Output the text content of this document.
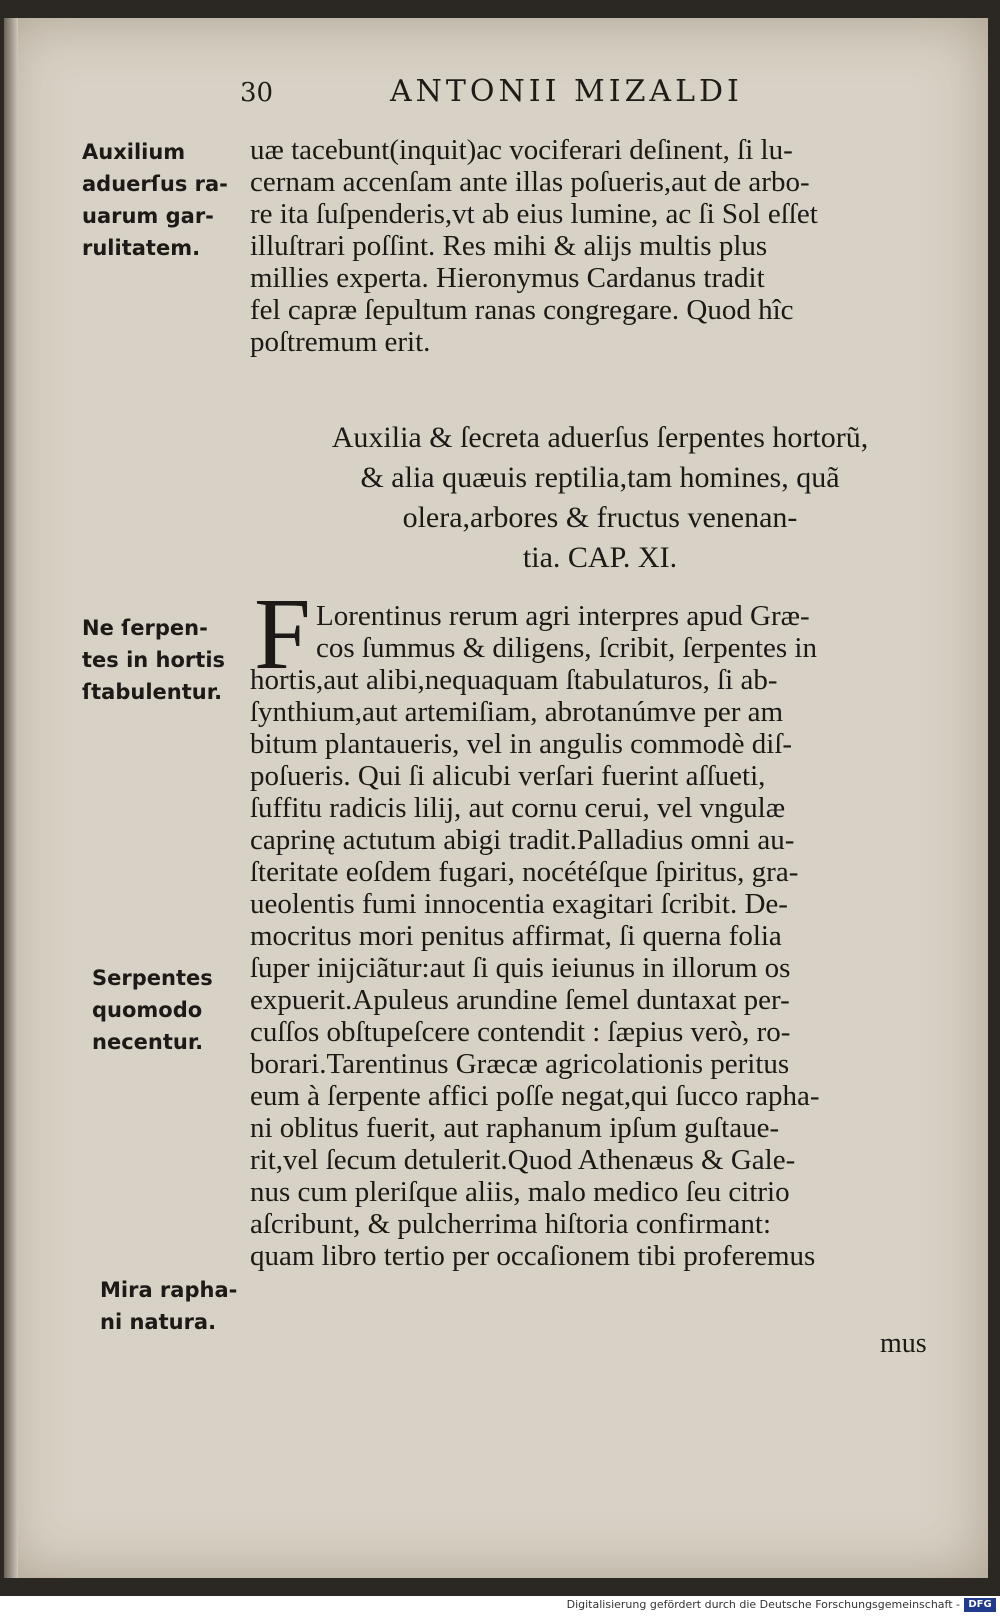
30	ANTONII MIZALDI
Auxilium
aduerſus ra-
uarum gar-
rulitatem.
Ne ſerpen-
tes in hortis
ſtabulentur.
Serpentes
quomodo
necentur.
Mira rapha-
ni natura.
uæ tacebunt(inquit)ac vociferari deſinent, ſi lu-
cernam accenſam ante illas poſueris,aut de arbo-
re ita ſuſpenderis,vt ab eius lumine, ac ſi Sol eſſet
illuſtrari poſſint. Res mihi & alijs multis plus
millies experta. Hieronymus Cardanus tradit
fel capræ ſepultum ranas congregare. Quod hîc
poſtremum erit.
Auxilia & ſecreta aduerſus ſerpentes hortorũ,
& alia quæuis reptilia,tam homines, quã
olera,arbores & fructus venenan-
tia. CAP. XI.
F Lorentinus rerum agri interpres apud Græ-
cos ſummus & diligens, ſcribit, ſerpentes in
hortis,aut alibi,nequaquam ſtabulaturos, ſi ab-
ſynthium,aut artemiſiam, abrotanúmve per am
bitum plantaueris, vel in angulis commodè diſ-
poſueris. Qui ſi alicubi verſari fuerint aſſueti,
ſuffitu radicis lilij, aut cornu cerui, vel vngulæ
caprinę actutum abigi tradit.Palladius omni au-
ſteritate eoſdem fugari, nocétéſque ſpiritus, gra-
ueolentis fumi innocentia exagitari ſcribit. De-
mocritus mori penitus affirmat, ſi querna folia
ſuper inijciãtur:aut ſi quis ieiunus in illorum os
expuerit.Apuleus arundine ſemel duntaxat per-
cuſſos obſtupeſcere contendit : ſæpius verò, ro-
borari.Tarentinus Græcæ agricolationis peritus
eum à ſerpente affici poſſe negat,qui ſucco rapha-
ni oblitus fuerit, aut raphanum ipſum guſtaue-
rit,vel ſecum detulerit.Quod Athenæus & Gale-
nus cum pleriſque aliis, malo medico ſeu citrio
aſcribunt, & pulcherrima hiſtoria confirmant:
quam libro tertio per occaſionem tibi proferemus
mus
Digitalisierung gefördert durch die Deutsche Forschungsgemeinschaft - DFG
